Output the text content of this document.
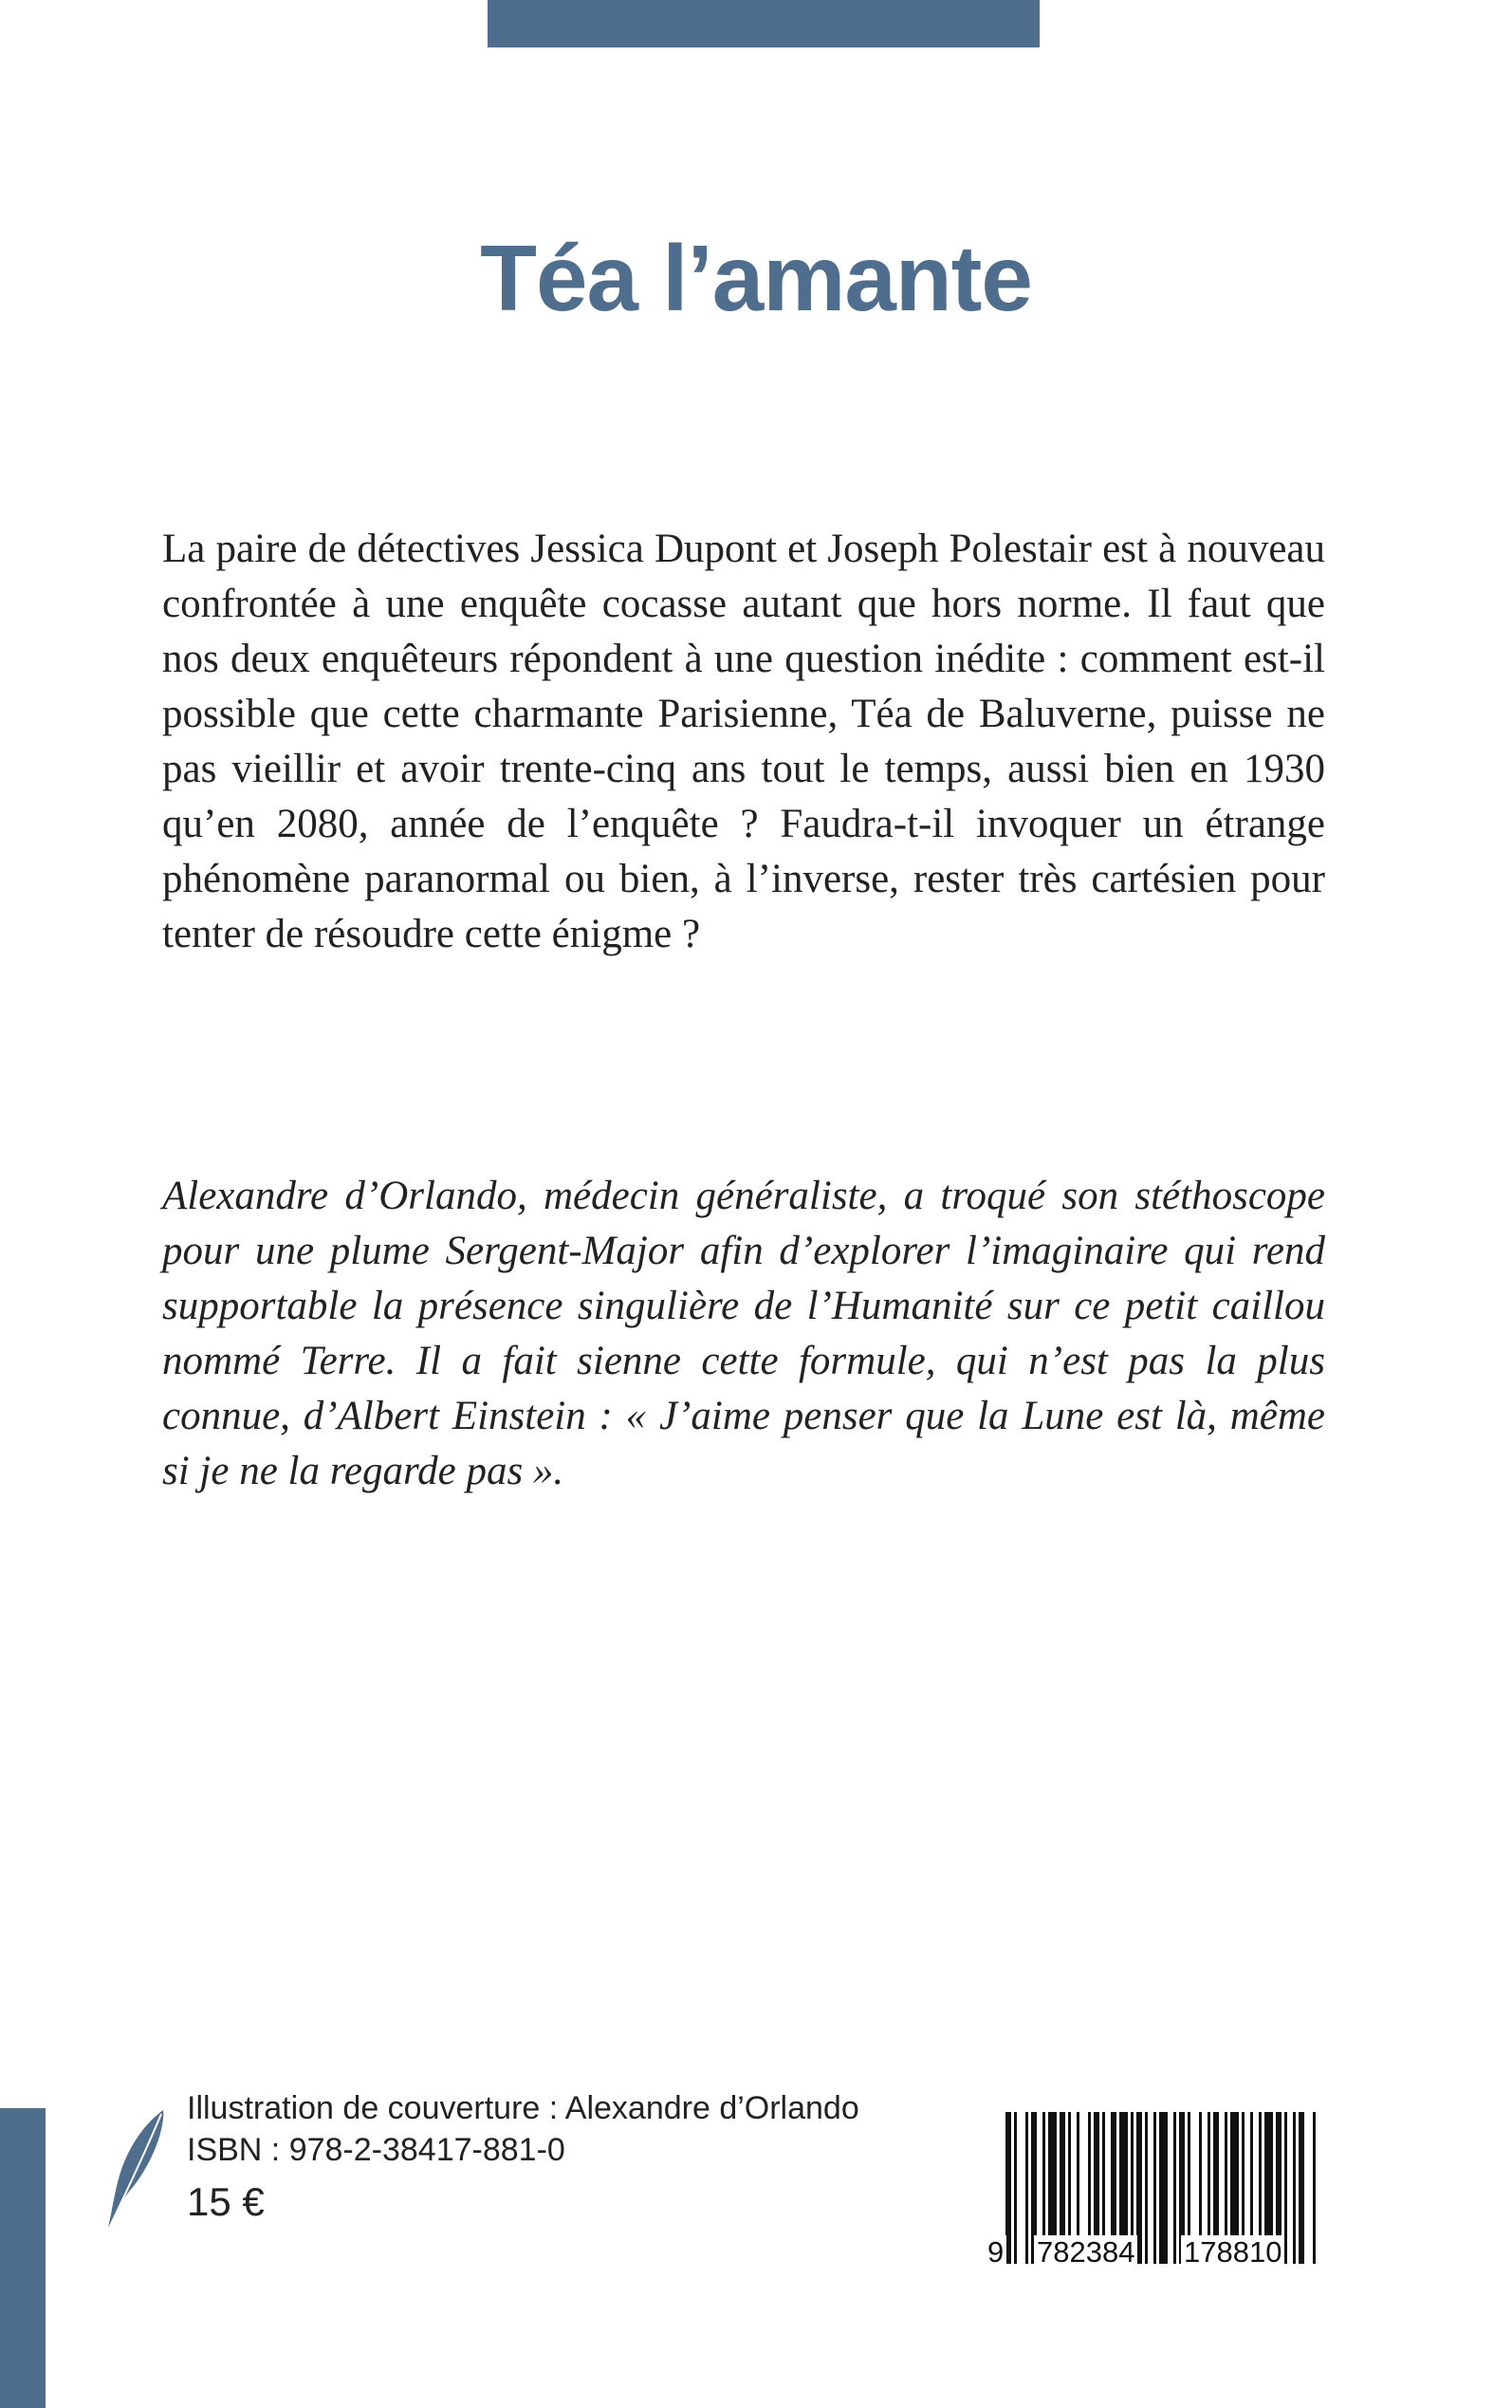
Téa l’amante

La paire de détectives Jessica Dupont et Joseph Polestair est à nouveau confrontée à une enquête cocasse autant que hors norme. Il faut que nos deux enquêteurs répondent à une question inédite : comment est-il possible que cette charmante Parisienne, Téa de Baluverne, puisse ne pas vieillir et avoir trente-cinq ans tout le temps, aussi bien en 1930 qu’en 2080, année de l’enquête ? Faudra-t-il invoquer un étrange phénomène paranormal ou bien, à l’inverse, rester très cartésien pour tenter de résoudre cette énigme ?

Alexandre d’Orlando, médecin généraliste, a troqué son stéthoscope pour une plume Sergent-Major afin d’explorer l’imaginaire qui rend supportable la présence singulière de l’Humanité sur ce petit caillou nommé Terre. Il a fait sienne cette formule, qui n’est pas la plus connue, d’Albert Einstein : « J’aime penser que la Lune est là, même si je ne la regarde pas ».

Illustration de couverture : Alexandre d’Orlando
ISBN : 978-2-38417-881-0
15 €
9 782384 178810
